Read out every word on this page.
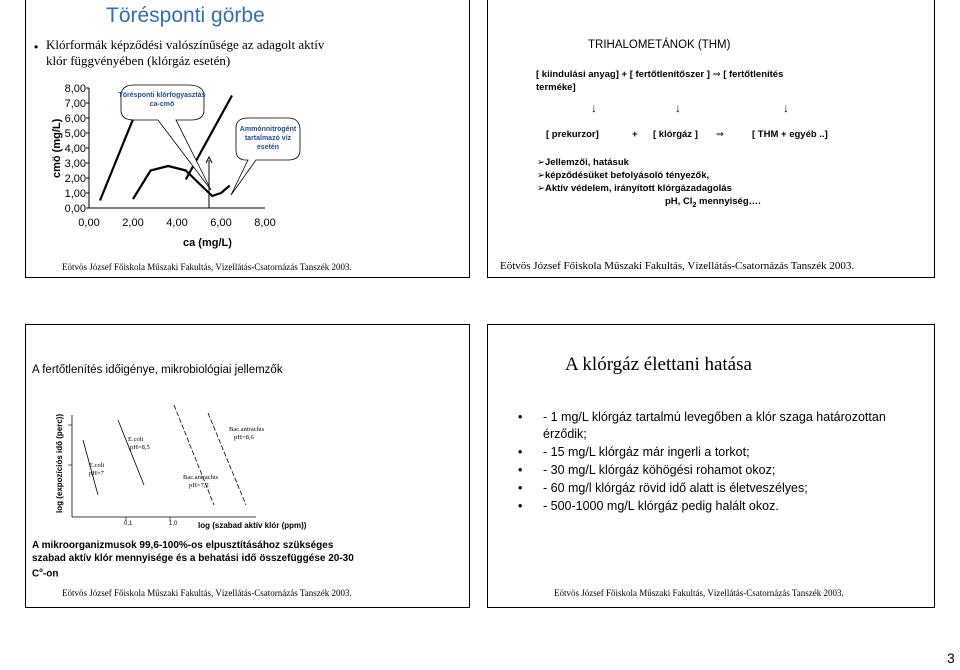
Törésponti görbe
• Klórformák képződési valószínűsége az adagolt aktív klór függvényében (klórgáz esetén)
cmö (mg/L)
0,00
1,00
2,00
3,00
4,00
5,00
6,00
7,00
8,00
0,00 2,00 4,00 6,00 8,00
Törésponti klórfogyasztás
ca-cmö
Ammónnitrogént
tartalmazó víz
esetén
ca (mg/L)
Eötvös József Főiskola Műszaki Fakultás, Vízellátás-Csatornázás Tanszék 2003.
TRIHALOMETÁNOK (THM)
[ kiindulási anyag] + [ fertőtlenítőszer ] ⇒ [ fertőtlenítés
terméke]
↓	↓	↓
[ prekurzor]	+ [ klórgáz ] ⇒	[ THM + egyéb ..]
➢Jellemzői, hatásuk
➢képződésüket befolyásoló tényezők,
➢Aktív védelem, irányított klórgázadagolás
pH, $Cl_2$ mennyiség….
Eötvös József Főiskola Műszaki Fakultás, Vízellátás-Csatornázás Tanszék 2003.
A fertőtlenítés időigénye, mikrobiológiai jellemzők
log (expozíciós idő (perc))	E.coli
pH=7
E.coli
pH=8,5
Bac.antrachis
pH=7,2
Bac.antrachis
pH=8,6
0,1	1,0	log (szabad aktív klór (ppm))
A mikroorganizmusok 99,6-100%-os elpusztításához szükséges szabad aktív klór mennyisége és a behatási idő összefüggése 20-30 $C^o-on$
Eötvös József Főiskola Műszaki Fakultás, Vízellátás-Csatornázás Tanszék 2003.
A klórgáz élettani hatása
• - 1 mg/L klórgáz tartalmú levegőben a klór szaga határozottan érződik;
• - 15 mg/L klórgáz már ingerli a torkot;
• - 30 mg/L klórgáz köhögési rohamot okoz;
• - 60 mg/l klórgáz rövid idő alatt is életveszélyes;
• - 500-1000 mg/L klórgáz pedig halált okoz.
Eötvös József Főiskola Műszaki Fakultás, Vízellátás-Csatornázás Tanszék 2003.
3
